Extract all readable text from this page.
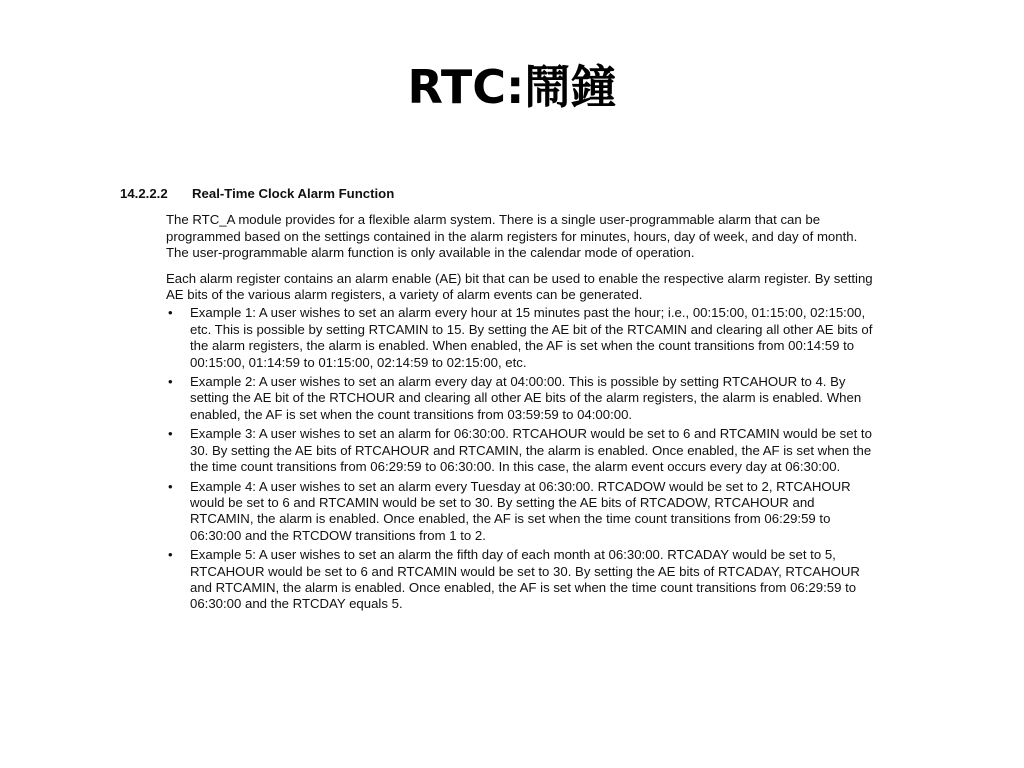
RTC:鬧鐘
14.2.2.2	Real-Time Clock Alarm Function

The RTC_A module provides for a flexible alarm system. There is a single user-programmable alarm that can be programmed based on the settings contained in the alarm registers for minutes, hours, day of week, and day of month. The user-programmable alarm function is only available in the calendar mode of operation.

Each alarm register contains an alarm enable (AE) bit that can be used to enable the respective alarm register. By setting AE bits of the various alarm registers, a variety of alarm events can be generated.

•	Example 1: A user wishes to set an alarm every hour at 15 minutes past the hour; i.e., 00:15:00, 01:15:00, 02:15:00, etc. This is possible by setting RTCAMIN to 15. By setting the AE bit of the RTCAMIN and clearing all other AE bits of the alarm registers, the alarm is enabled. When enabled, the AF is set when the count transitions from 00:14:59 to 00:15:00, 01:14:59 to 01:15:00, 02:14:59 to 02:15:00, etc.
•	Example 2: A user wishes to set an alarm every day at 04:00:00. This is possible by setting RTCAHOUR to 4. By setting the AE bit of the RTCHOUR and clearing all other AE bits of the alarm registers, the alarm is enabled. When enabled, the AF is set when the count transitions from 03:59:59 to 04:00:00.
•	Example 3: A user wishes to set an alarm for 06:30:00. RTCAHOUR would be set to 6 and RTCAMIN would be set to 30. By setting the AE bits of RTCAHOUR and RTCAMIN, the alarm is enabled. Once enabled, the AF is set when the the time count transitions from 06:29:59 to 06:30:00. In this case, the alarm event occurs every day at 06:30:00.
•	Example 4: A user wishes to set an alarm every Tuesday at 06:30:00. RTCADOW would be set to 2, RTCAHOUR would be set to 6 and RTCAMIN would be set to 30. By setting the AE bits of RTCADOW, RTCAHOUR and RTCAMIN, the alarm is enabled. Once enabled, the AF is set when the time count transitions from 06:29:59 to 06:30:00 and the RTCDOW transitions from 1 to 2.
•	Example 5: A user wishes to set an alarm the fifth day of each month at 06:30:00. RTCADAY would be set to 5, RTCAHOUR would be set to 6 and RTCAMIN would be set to 30. By setting the AE bits of RTCADAY, RTCAHOUR and RTCAMIN, the alarm is enabled. Once enabled, the AF is set when the time count transitions from 06:29:59 to 06:30:00 and the RTCDAY equals 5.
